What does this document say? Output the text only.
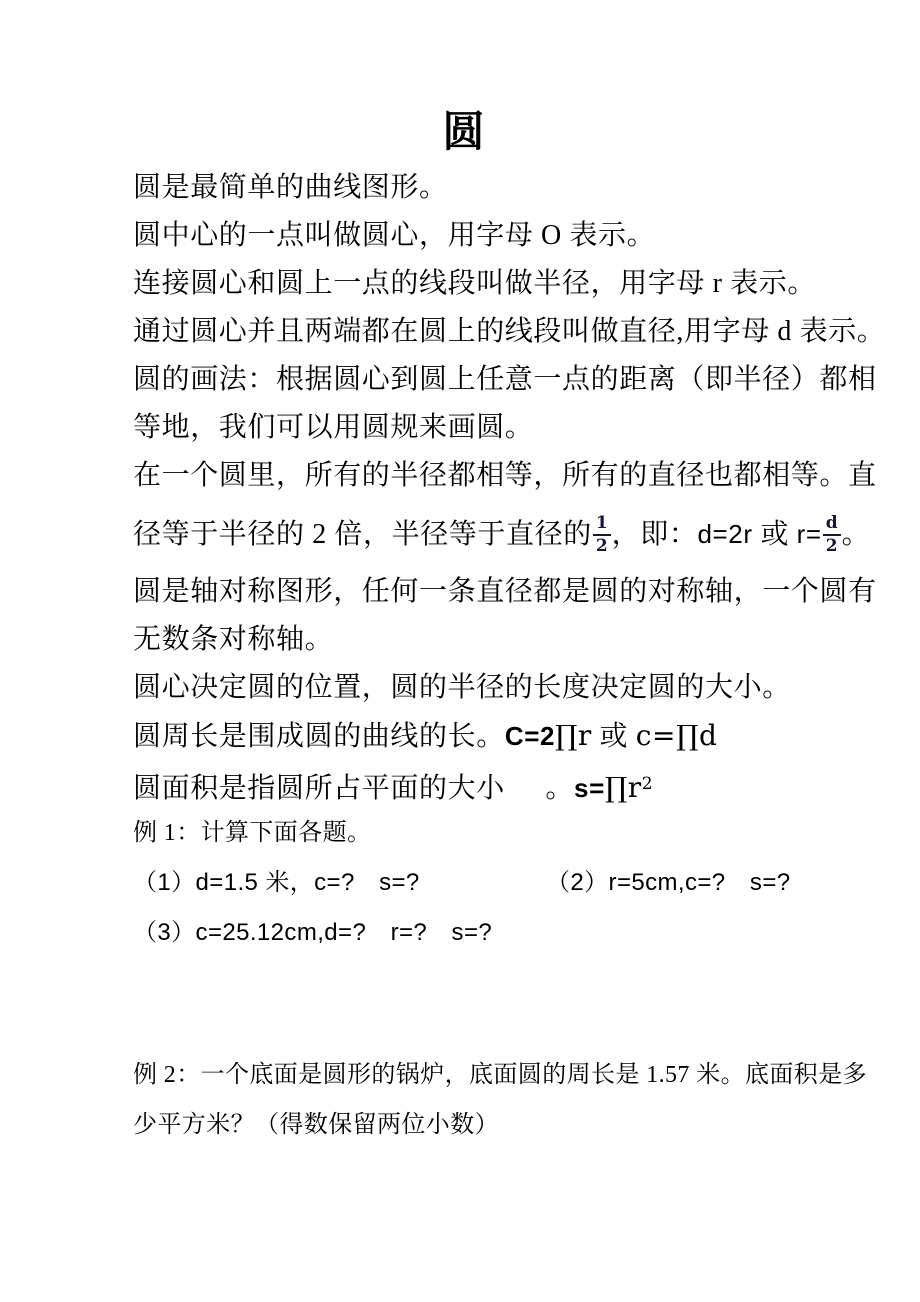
圆
圆是最简单的曲线图形。
圆中心的一点叫做圆心，用字母 O 表示。
连接圆心和圆上一点的线段叫做半径，用字母 r 表示。
通过圆心并且两端都在圆上的线段叫做直径,用字母 d 表示。
圆的画法：根据圆心到圆上任意一点的距离（即半径）都相
等地，我们可以用圆规来画圆。
在一个圆里，所有的半径都相等，所有的直径也都相等。直
径等于半径的 2 倍，半径等于直径的 $\frac{1}{2}$ ，即：d=2r 或 $r= \frac{d}{2}$ 。
圆是轴对称图形，任何一条直径都是圆的对称轴，一个圆有
无数条对称轴。
圆心决定圆的位置，圆的半径的长度决定圆的大小。
圆周长是围成圆的曲线的长。C=2∏r 或 c=∏d
圆面积是指圆所占平面的大小　。$s=\prod r^2$
例 1：计算下面各题。
（1）d=1.5 米，c=?　s=?	（2）r=5cm,c=?　s=?
（3）c=25.12cm,d=?　r=?　s=?
例 2：一个底面是圆形的锅炉，底面圆的周长是 1.57 米。底面积是多
少平方米？（得数保留两位小数）
